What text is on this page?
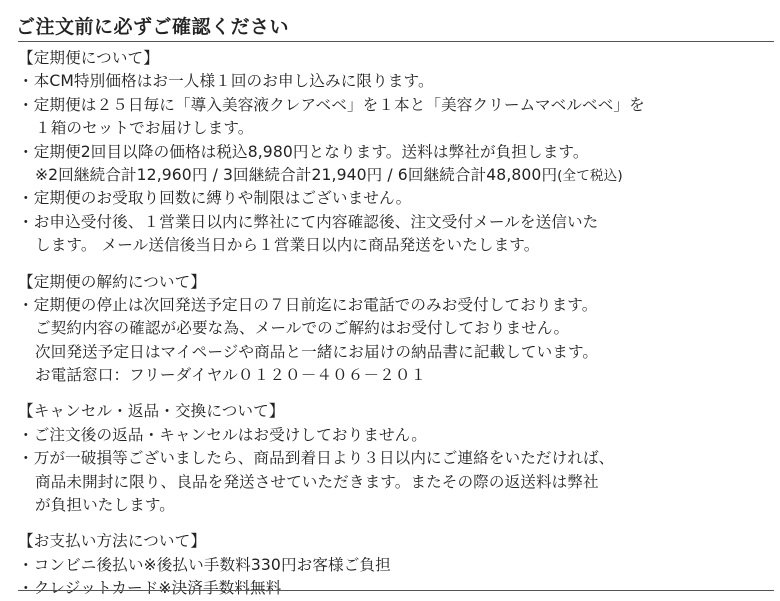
ご注文前に必ずご確認ください
【定期便について】
・本CM特別価格はお一人様１回のお申し込みに限ります。
・定期便は２５日毎に「導入美容液クレアベベ」を１本と「美容クリームマベルベベ」を
１箱のセットでお届けします。
・定期便2回目以降の価格は税込8,980円となります。送料は弊社が負担します。
※2回継続合計12,960円 / 3回継続合計21,940円 / 6回継続合計48,800円(全て税込)
・定期便のお受取り回数に縛りや制限はございません。
・お申込受付後、１営業日以内に弊社にて内容確認後、注文受付メールを送信いた
します。 メール送信後当日から１営業日以内に商品発送をいたします。
【定期便の解約について】
・定期便の停止は次回発送予定日の７日前迄にお電話でのみお受付しております。
ご契約内容の確認が必要な為、メールでのご解約はお受付しておりません。
次回発送予定日はマイページや商品と一緒にお届けの納品書に記載しています。
お電話窓口：フリーダイヤル０１２０－４０６－２０１
【キャンセル・返品・交換について】
・ご注文後の返品・キャンセルはお受けしておりません。
・万が一破損等ございましたら、商品到着日より３日以内にご連絡をいただければ、
商品未開封に限り、良品を発送させていただきます。またその際の返送料は弊社
が負担いたします。
【お支払い方法について】
・コンビニ後払い※後払い手数料330円お客様ご負担
・クレジットカード※決済手数料無料
